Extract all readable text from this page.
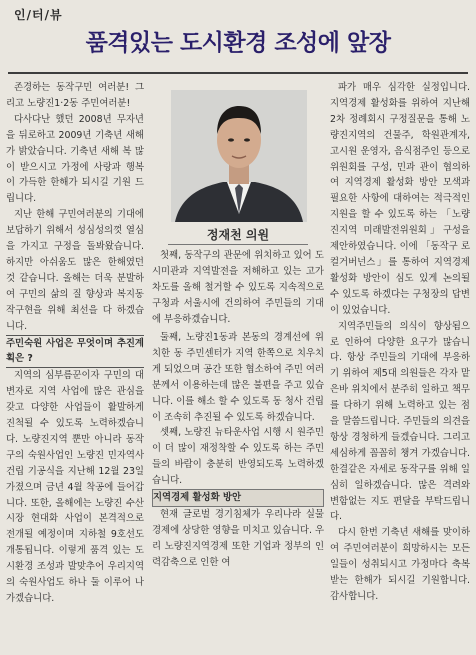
인/터/뷰
품격있는 도시환경 조성에 앞장

존경하는 동작구민 여러분! 그리고 노량진1·2동 주민여러분!

다사다난 했던 2008년 무자년을 뒤로하고 2009년 기축년 새해가 밝았습니다. 기축년 새해 복 많이 받으시고 가정에 사랑과 행복이 가득한 한해가 되시길 기원 드립니다.

지난 한해 구민여러분의 기대에 보답하기 위해서 성심성의껏 열심을 가지고 구정을 돌봐왔습니다. 하지만 아쉬움도 많은 한해였던 것 같습니다. 올해는 더욱 분발하여 구민의 삶의 질 향상과 복지동작구현을 위해 최선을 다 하겠습니다.

주민숙원 사업은 무엇이며 추진계획은 ?

지역의 심부름꾼이자 구민의 대변자로 지역 사업에 많은 관심을 갖고 다양한 사업들이 활발하게 진척될 수 있도록 노력하겠습니다. 노량진지역 뿐만 아니라 동작구의 숙원사업인 노량진 민자역사 건립 기공식을 지난해 12월 23일 가졌으며 금년 4월 착공에 들어갑니다. 또한, 올해에는 노량진 수산시장 현대화 사업이 본격적으로 전개될 예정이며 지하철 9호선도 개통됩니다. 이렇게 품격 있는 도시환경 조성과 발맞추어 우리지역의 숙원사업도 하나 둘 이루어 나가겠습니다.

정재천 의원

첫째, 동작구의 관문에 위치하고 있어 도시미관과 지역발전을 저해하고 있는 고가차도를 올해 철거할 수 있도록 지속적으로 구청과 서울시에 건의하여 주민들의 기대에 부응하겠습니다.

둘째, 노량진1동과 본동의 경계선에 위치한 동 주민센터가 지역 한쪽으로 치우치게 되었으며 공간 또한 협소하여 주민 여러분께서 이용하는데 많은 불편을 주고 있습니다. 이를 해소 할 수 있도록 동 청사 건립이 조속히 추진될 수 있도록 하겠습니다.

셋째, 노량진 뉴타운사업 시행 시 원주민이 더 많이 재정착할 수 있도록 하는 주민들의 바람이 충분히 반영되도록 노력하겠습니다.

지역경제 활성화 방안

현재 글로벌 경기침체가 우리나라 실물경제에 상당한 영향을 미치고 있습니다. 우리 노량진지역경제 또한 기업과 정부의 인력감축으로 인한 여

파가 매우 심각한 실정입니다. 지역경제 활성화를 위하여 지난해 2차 정례회시 구정질문을 통해 노량진지역의 건물주, 학원관계자, 고시원 운영자, 음식점주인 등으로 위원회를 구성, 민과 관이 협의하여 지역경제 활성화 방안 모색과 필요한 사항에 대하여는 적극적인 지원을 할 수 있도록 하는 「노량진지역 미래발전위원회」구성을 제안하였습니다. 이에 「동작구 로컬거버넌스」를 통하여 지역경제 활성화 방안이 심도 있게 논의될 수 있도록 하겠다는 구청장의 답변이 있었습니다.

지역주민들의 의식이 향상됨으로 인하여 다양한 요구가 많습니다. 항상 주민들의 기대에 부응하기 위하여 제5대 의원들은 각자 맡은바 위치에서 분주히 일하고 책무를 다하기 위해 노력하고 있는 점을 말씀드립니다. 주민들의 의견을 항상 경청하게 들겠습니다. 그리고 세심하게 꼼꼼히 챙겨 가겠습니다. 한결같은 자세로 동작구를 위해 일심히 일하겠습니다. 많은 격려와 변함없는 지도 편달을 부탁드립니다.

다시 한번 기축년 새해를 맞이하여 주민여러분이 희망하시는 모든 일들이 성취되시고 가정마다 축복받는 한해가 되시길 기원합니다. 감사합니다.
